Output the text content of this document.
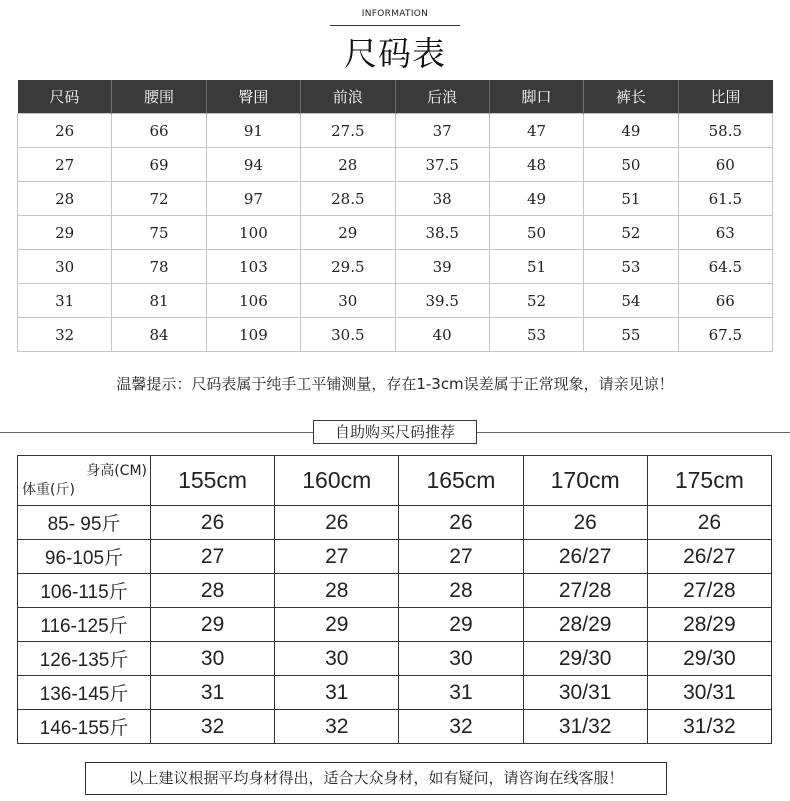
INFORMATION
尺码表
尺码	腰围	臀围	前浪	后浪	脚口	裤长	比围
26	66	91	27.5	37	47	49	58.5
27	69	94	28	37.5	48	50	60
28	72	97	28.5	38	49	51	61.5
29	75	100	29	38.5	50	52	63
30	78	103	29.5	39	51	53	64.5
31	81	106	30	39.5	52	54	66
32	84	109	30.5	40	53	55	67.5
温馨提示：尺码表属于纯手工平铺测量，存在1-3cm误差属于正常现象，请亲见谅！
自助购买尺码推荐
身高(CM)
体重(斤)	155cm	160cm	165cm	170cm	175cm
85- 95斤	26	26	26	26	26
96-105斤	27	27	27	26/27	26/27
106-115斤	28	28	28	27/28	27/28
116-125斤	29	29	29	28/29	28/29
126-135斤	30	30	30	29/30	29/30
136-145斤	31	31	31	30/31	30/31
146-155斤	32	32	32	31/32	31/32
以上建议根据平均身材得出，适合大众身材，如有疑问，请咨询在线客服！
